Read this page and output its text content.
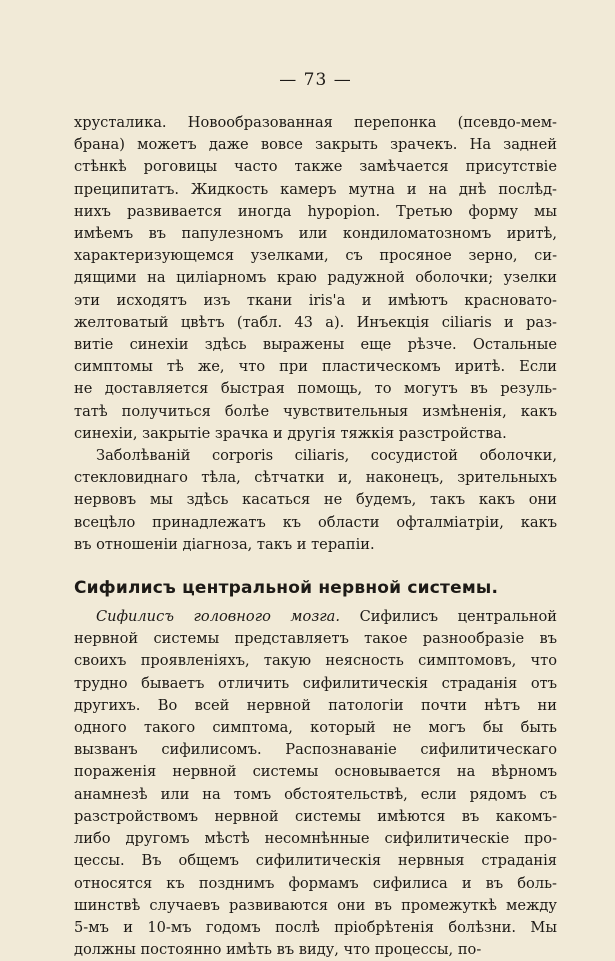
— 73 —
хрусталика. Новообразованная перепонка (псевдо-мем-
брана) можетъ даже вовсе закрыть зрачекъ. На задней
стѣнкѣ роговицы часто также замѣчается присутствіе
преципитатъ. Жидкость камеръ мутна и на днѣ послѣд-
нихъ развивается иногда hypopion. Третью форму мы
имѣемъ въ папулезномъ или кондиломатозномъ иритѣ,
характеризующемся узелками, съ просяное зерно, си-
дящими на циліарномъ краю радужной оболочки; узелки
эти исходятъ изъ ткани iris'а и имѣютъ красновато-
желтоватый цвѣтъ (табл. 43 а). Инъекція ciliaris и раз-
витіе синехіи здѣсь выражены еще рѣзче. Остальные
симптомы тѣ же, что при пластическомъ иритѣ. Если
не доставляется быстрая помощь, то могутъ въ резуль-
татѣ получиться болѣе чувствительныя измѣненія, какъ
синехіи, закрытіе зрачка и другія тяжкія разстройства.
Заболѣваній corporis ciliaris, сосудистой оболочки,
стекловиднаго тѣла, сѣтчатки и, наконецъ, зрительныхъ
нервовъ мы здѣсь касаться не будемъ, такъ какъ они
всецѣло принадлежатъ къ области офталміатріи, какъ
въ отношеніи діагноза, такъ и терапіи.
Сифилисъ центральной нервной системы.
Сифилисъ головного мозга. Сифилисъ центральной
нервной системы представляетъ такое разнообразіе въ
своихъ проявленіяхъ, такую неясность симптомовъ, что
трудно бываетъ отличить сифилитическія страданія отъ
другихъ. Во всей нервной патологіи почти нѣтъ ни
одного такого симптома, который не могъ бы быть
вызванъ сифилисомъ. Распознаваніе сифилитическаго
пораженія нервной системы основывается на вѣрномъ
анамнезѣ или на томъ обстоятельствѣ, если рядомъ съ
разстройствомъ нервной системы имѣются въ какомъ-
либо другомъ мѣстѣ несомнѣнные сифилитическіе про-
цессы. Въ общемъ сифилитическія нервныя страданія
относятся къ позднимъ формамъ сифилиса и въ боль-
шинствѣ случаевъ развиваются они въ промежуткѣ между
5-мъ и 10-мъ годомъ послѣ пріобрѣтенія болѣзни. Мы
должны постоянно имѣть въ виду, что процессы, по-
